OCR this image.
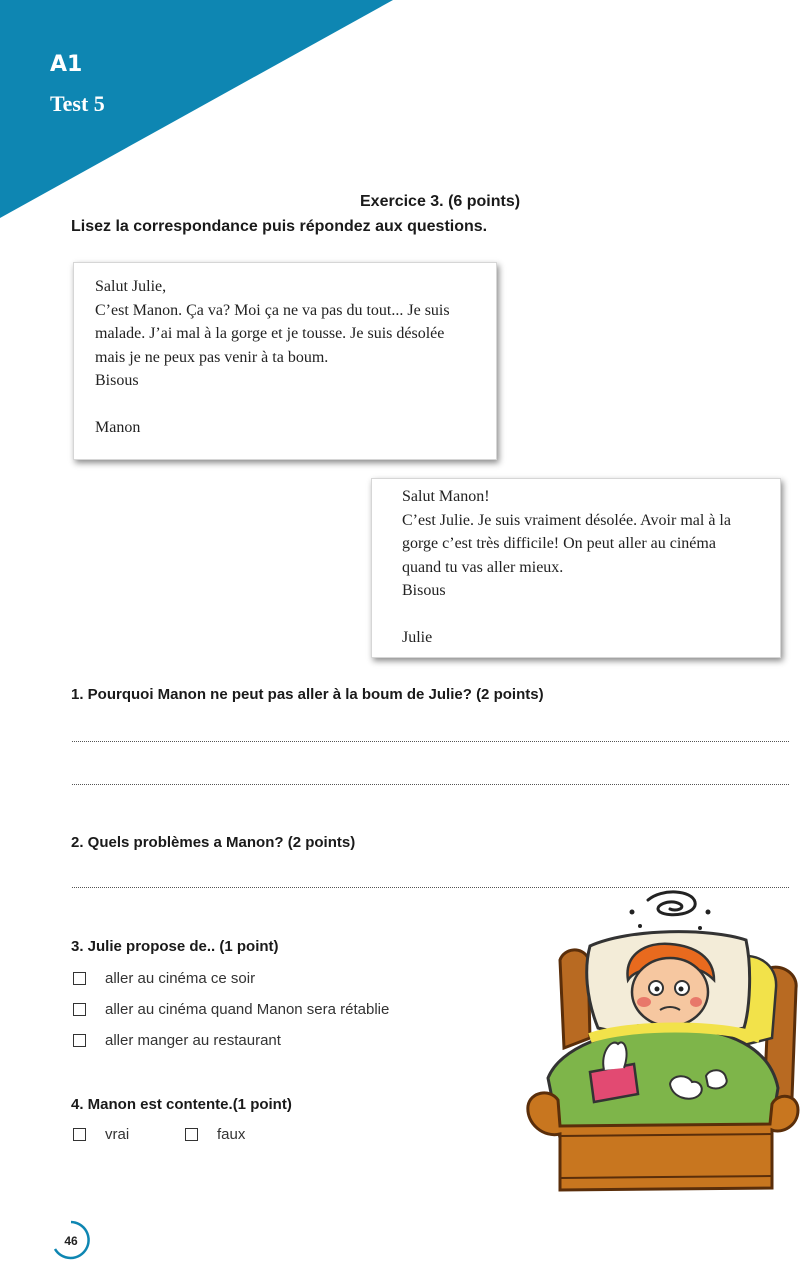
A1
Test 5
Exercice 3. (6 points)
Lisez la correspondance puis répondez aux questions.
Salut Julie,
C’est Manon. Ça va? Moi ça ne va pas du tout... Je suis
malade. J’ai mal à la gorge et je tousse. Je suis désolée
mais je ne peux pas venir à ta boum.
Bisous
Manon
Salut Manon!
C’est Julie. Je suis vraiment désolée. Avoir mal à la
gorge c’est très difficile! On peut aller au cinéma
quand tu vas aller mieux.
Bisous
Julie
1. Pourquoi Manon ne peut pas aller à la boum de Julie? (2 points)
2. Quels problèmes a Manon? (2 points)
3. Julie propose de.. (1 point)
aller au cinéma ce soir
aller au cinéma quand Manon sera rétablie
aller manger au restaurant
4. Manon est contente.(1 point)
vrai	faux
46
